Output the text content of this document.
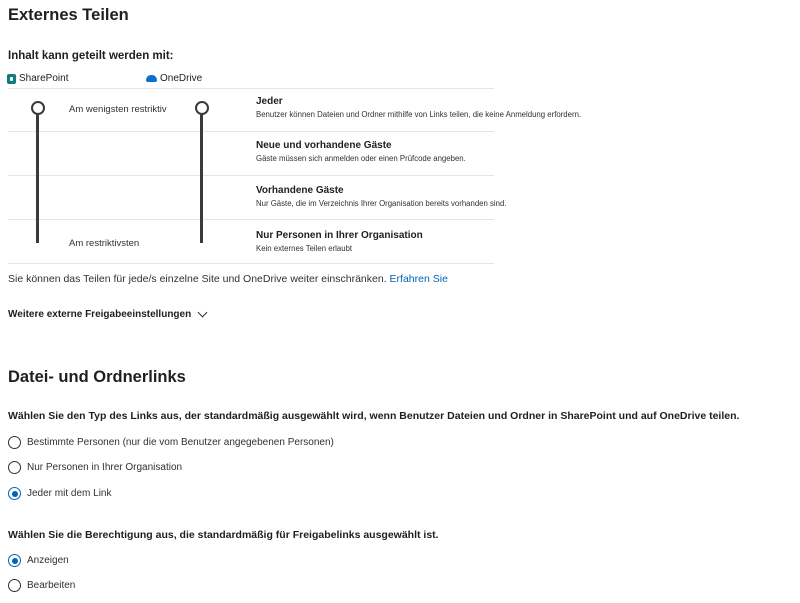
Externes Teilen
Inhalt kann geteilt werden mit:
SharePoint	OneDrive
Am wenigsten restriktiv
Am restriktivsten
Jeder
Benutzer können Dateien und Ordner mithilfe von Links teilen, die keine Anmeldung erfordern.
Neue und vorhandene Gäste
Gäste müssen sich anmelden oder einen Prüfcode angeben.
Vorhandene Gäste
Nur Gäste, die im Verzeichnis Ihrer Organisation bereits vorhanden sind.
Nur Personen in Ihrer Organisation
Kein externes Teilen erlaubt
Sie können das Teilen für jede/s einzelne Site und OneDrive weiter einschränken. Erfahren Sie
Weitere externe Freigabeeinstellungen
Datei- und Ordnerlinks
Wählen Sie den Typ des Links aus, der standardmäßig ausgewählt wird, wenn Benutzer Dateien und Ordner in SharePoint und auf OneDrive teilen.
Bestimmte Personen (nur die vom Benutzer angegebenen Personen)
Nur Personen in Ihrer Organisation
Jeder mit dem Link
Wählen Sie die Berechtigung aus, die standardmäßig für Freigabelinks ausgewählt ist.
Anzeigen
Bearbeiten
